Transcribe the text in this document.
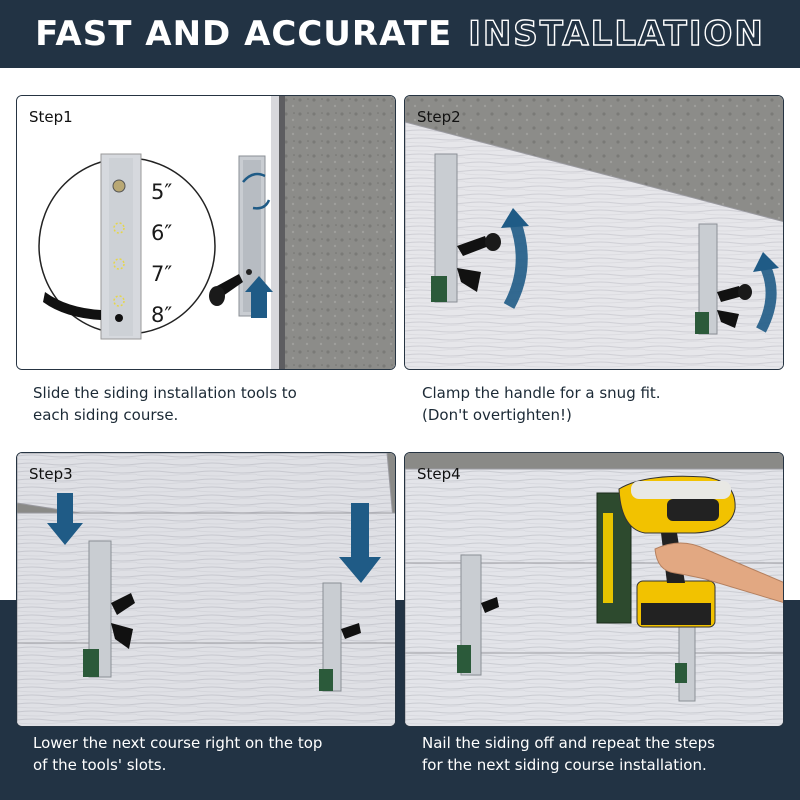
FAST AND ACCURATE INSTALLATION
Step1
5″
6″
7″
8″
Step2
Step3	Step4
Slide the siding installation tools to
each siding course.
Clamp the handle for a snug fit.
(Don't overtighten!)
Lower the next course right on the top
of the tools' slots.
Nail the siding off and repeat the steps
for the next siding course installation.
